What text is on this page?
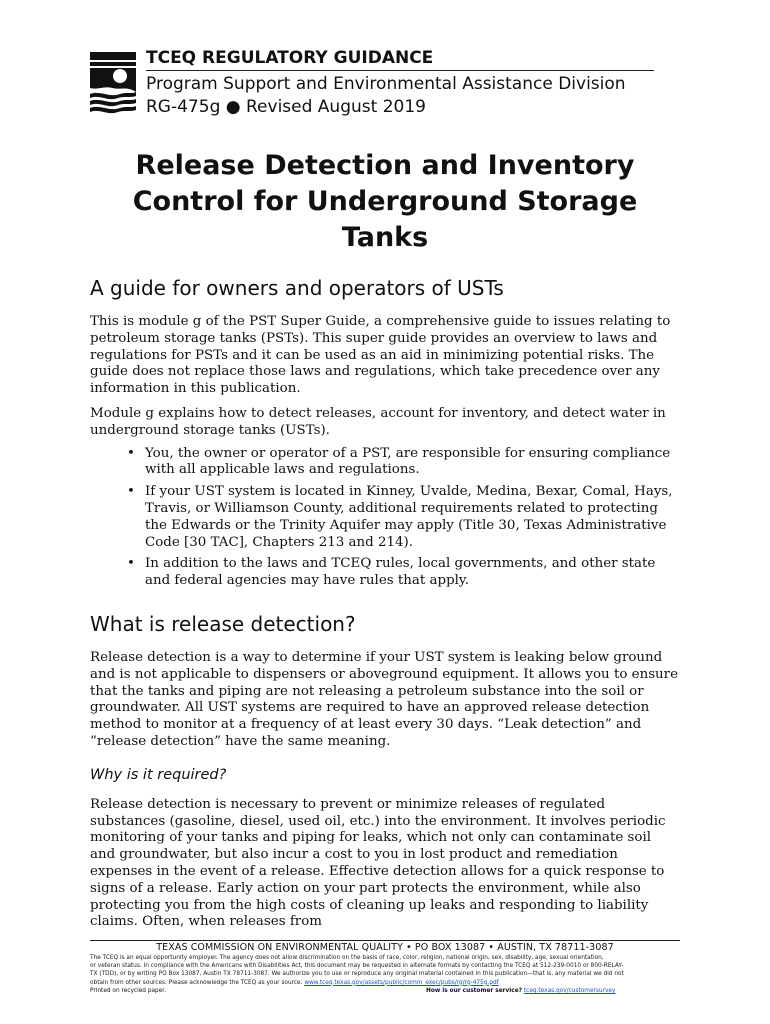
TCEQ REGULATORY GUIDANCE
Program Support and Environmental Assistance Division
RG-475g ● Revised August 2019
Release Detection and Inventory Control for Underground Storage Tanks
A guide for owners and operators of USTs

This is module g of the PST Super Guide, a comprehensive guide to issues relating to petroleum storage tanks (PSTs). This super guide provides an overview to laws and regulations for PSTs and it can be used as an aid in minimizing potential risks. The guide does not replace those laws and regulations, which take precedence over any information in this publication.

Module g explains how to detect releases, account for inventory, and detect water in underground storage tanks (USTs).

• You, the owner or operator of a PST, are responsible for ensuring compliance with all applicable laws and regulations.
• If your UST system is located in Kinney, Uvalde, Medina, Bexar, Comal, Hays, Travis, or Williamson County, additional requirements related to protecting the Edwards or the Trinity Aquifer may apply (Title 30, Texas Administrative Code [30 TAC], Chapters 213 and 214).
• In addition to the laws and TCEQ rules, local governments, and other state and federal agencies may have rules that apply.
What is release detection?

Release detection is a way to determine if your UST system is leaking below ground and is not applicable to dispensers or aboveground equipment. It allows you to ensure that the tanks and piping are not releasing a petroleum substance into the soil or groundwater. All UST systems are required to have an approved release detection method to monitor at a frequency of at least every 30 days. “Leak detection” and “release detection” have the same meaning.

Why is it required?

Release detection is necessary to prevent or minimize releases of regulated substances (gasoline, diesel, used oil, etc.) into the environment. It involves periodic monitoring of your tanks and piping for leaks, which not only can contaminate soil and groundwater, but also incur a cost to you in lost product and remediation expenses in the event of a release. Effective detection allows for a quick response to signs of a release. Early action on your part protects the environment, while also protecting you from the high costs of cleaning up leaks and responding to liability claims. Often, when releases from

TEXAS COMMISSION ON ENVIRONMENTAL QUALITY • PO BOX 13087 • AUSTIN, TX 78711-3087
The TCEQ is an equal opportunity employer. The agency does not allow discrimination on the basis of race, color, religion, national origin, sex, disability, age, sexual orientation,
or veteran status. In compliance with the Americans with Disabilities Act, this document may be requested in alternate formats by contacting the TCEQ at 512-239-0010 or 800-RELAY-
TX (TDD), or by writing PO Box 13087, Austin TX 78711-3087. We authorize you to use or reproduce any original material contained in this publication—that is, any material we did not
obtain from other sources. Please acknowledge the TCEQ as your source. www.tceq.texas.gov/assets/public/comm_exec/pubs/rg/rg-475g.pdf
Printed on recycled paper.	How is our customer service? tceq.texas.gov/customersurvey
